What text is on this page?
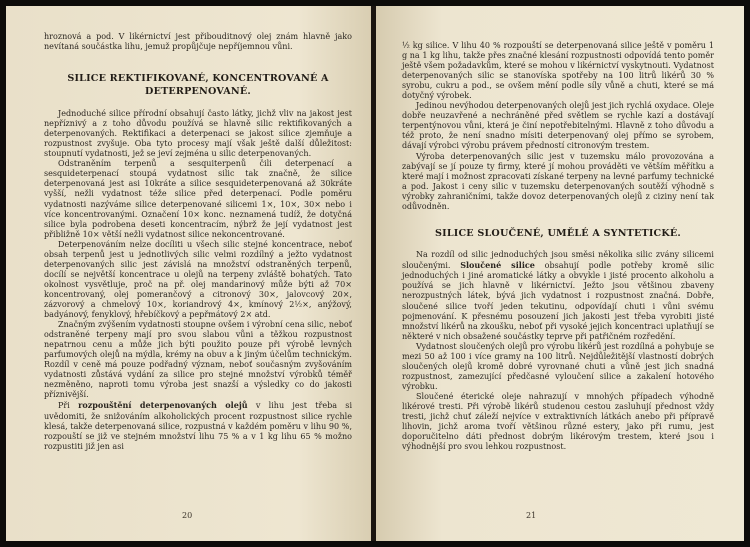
hroznová a pod. V likérnictví jest přibouditnový olej znám hlavně jako nevítaná součástka lihu, jemuž propůjčuje nepříjemnou vůni.

SILICE REKTIFIKOVANÉ, KONCENTROVANÉ A DETERPENOVANÉ.

Jednoduché silice přírodní obsahují často látky, jichž vliv na jakost jest nepříznivý a z toho důvodu používá se hlavně silic rektifikovaných a deterpenovaných. Rektifikaci a deterpenaci se jakost silice zjemňuje a rozpustnost zvyšuje. Oba tyto procesy mají však ještě další důležitost: stoupnutí vydatnosti, jež se jeví zejména u silic deterpenovaných.

Odstraněním terpenů a sesquiterpenů čili deterpenací a sesquideterpenací stoupá vydatnost silic tak značně, že silice deterpenovaná jest asi 10kráte a silice sesquideterpenovaná až 30kráte vyšší, nežli vydatnost téže silice před deterpenací. Podle poměru vydatnosti nazýváme silice deterpenované silicemi 1×, 10×, 30× nebo i více koncentrovanými. Označení 10× konc. neznamená tudíž, že dotyčná silice byla podrobena deseti koncentracím, nýbrž že její vydatnost jest přibližně 10× větší nežli vydatnost silice nekoncentrované.

Deterpenováním nelze docíliti u všech silic stejné koncentrace, neboť obsah terpenů jest u jednotlivých silic velmi rozdílný a ježto vydatnost deterpenovaných silic jest závislá na množství odstraněných terpenů, docílí se největší koncentrace u olejů na terpeny zvláště bohatých. Tato okolnost vysvětluje, proč na př. olej mandarinový může býti až 70× koncentrovaný, olej pomerančový a citronový 30×, jalovcový 20×, zázvorový a chmelový 10×, koriandrový 4×, kmínový 2½×, anýžový, badyánový, fenyklový, hřebíčkový a pepřmátový 2× atd.

Značným zvýšením vydatnosti stoupne ovšem i výrobní cena silic, neboť odstraněné terpeny mají pro svou slabou vůni a těžkou rozpustnost nepatrnou cenu a může jich býti použito pouze při výrobě levných parfumových olejů na mýdla, krémy na obuv a k jiným účelům technickým. Rozdíl v ceně má pouze podřadný význam, neboť současným zvyšováním vydatnosti zůstává vydání za silice pro stejné množství výrobků téměř nezměněno, naproti tomu výroba jest snazší a výsledky co do jakosti příznivější.

Při rozpouštění deterpenovaných olejů v lihu jest třeba si uvědomiti, že snižováním alkoholických procent rozpustnost silice rychle klesá, takže deterpenovaná silice, rozpustná v každém poměru v lihu 90 %, rozpouští se již ve stejném množství lihu 75 % a v 1 kg lihu 65 % možno rozpustiti již jen asi

20

½ kg silice. V lihu 40 % rozpouští se deterpenovaná silice ještě v poměru 1 g na 1 kg lihu, takže přes značné klesání rozpustnosti odpovídá tento poměr ještě všem požadavkům, které se mohou v likérnictví vyskytnouti. Vydatnost deterpenovaných silic se stanovíska spotřeby na 100 litrů likérů 30 % syrobu, cukru a pod., se ovšem mění podle síly vůně a chuti, které se má dotyčný výrobek.

Jedinou nevýhodou deterpenovaných olejů jest jich rychlá oxydace. Oleje dobře neuzavřené a nechráněné před světlem se rychle kazí a dostávají terpentýnovou vůni, která je činí nepotřebitelnými. Hlavně z toho důvodu a též proto, že není snadno mísiti deterpenovaný olej přímo se syrobem, dávají výrobci výrobu právem předností citronovým trestem.

Výroba deterpenovaných silic jest v tuzemsku málo provozována a zabývají se jí pouze ty firmy, které jí mohou prováděti ve větším měřítku a které mají i možnost zpracovati získané terpeny na levné parfumy technické a pod. Jakost i ceny silic v tuzemsku deterpenovaných soutěží výhodně s výrobky zahraničními, takže dovoz deterpenovaných olejů z ciziny není tak odůvodněn.

SILICE SLOUČENÉ, UMĚLÉ A SYNTETICKÉ.

Na rozdíl od silic jednoduchých jsou směsi několika silic zvány silicemi sloučenými. Sloučené silice obsahují podle potřeby kromě silic jednoduchých i jiné aromatické látky a obvykle i jisté procento alkoholu a používá se jich hlavně v likérnictví. Ježto jsou většinou zbaveny nerozpustných látek, bývá jich vydatnost i rozpustnost značná. Dobře, sloučené silice tvoří jeden tekutinu, odpovídají chuti i vůni svému pojmenování. K přesnému posouzení jich jakosti jest třeba vyrobiti jisté množství likérů na zkoušku, neboť při vysoké jejich koncentraci uplatňují se některé v nich obsažené součástky teprve při patřičném rozředění.

Vydatnost sloučených olejů pro výrobu likérů jest rozdílná a pohybuje se mezi 50 až 100 i více gramy na 100 litrů. Nejdůležitější vlastností dobrých sloučených olejů kromě dobré vyrovnané chuti a vůně jest jich snadná rozpustnost, zamezující předčasné vyloučení silice a zakalení hotového výrobku.

Sloučené éterické oleje nahrazují v mnohých případech výhodně likérové tresti. Při výrobě likérů studenou cestou zasluhují přednost vždy tresti, jichž chuť záleží nejvíce v extraktivních látkách anebo při přípravě lihovin, jichž aroma tvoří většinou různé estery, jako při rumu, jest doporučitelno dáti přednost dobrým likérovým trestem, které jsou i výhodnější pro svou lehkou rozpustnost.

21
